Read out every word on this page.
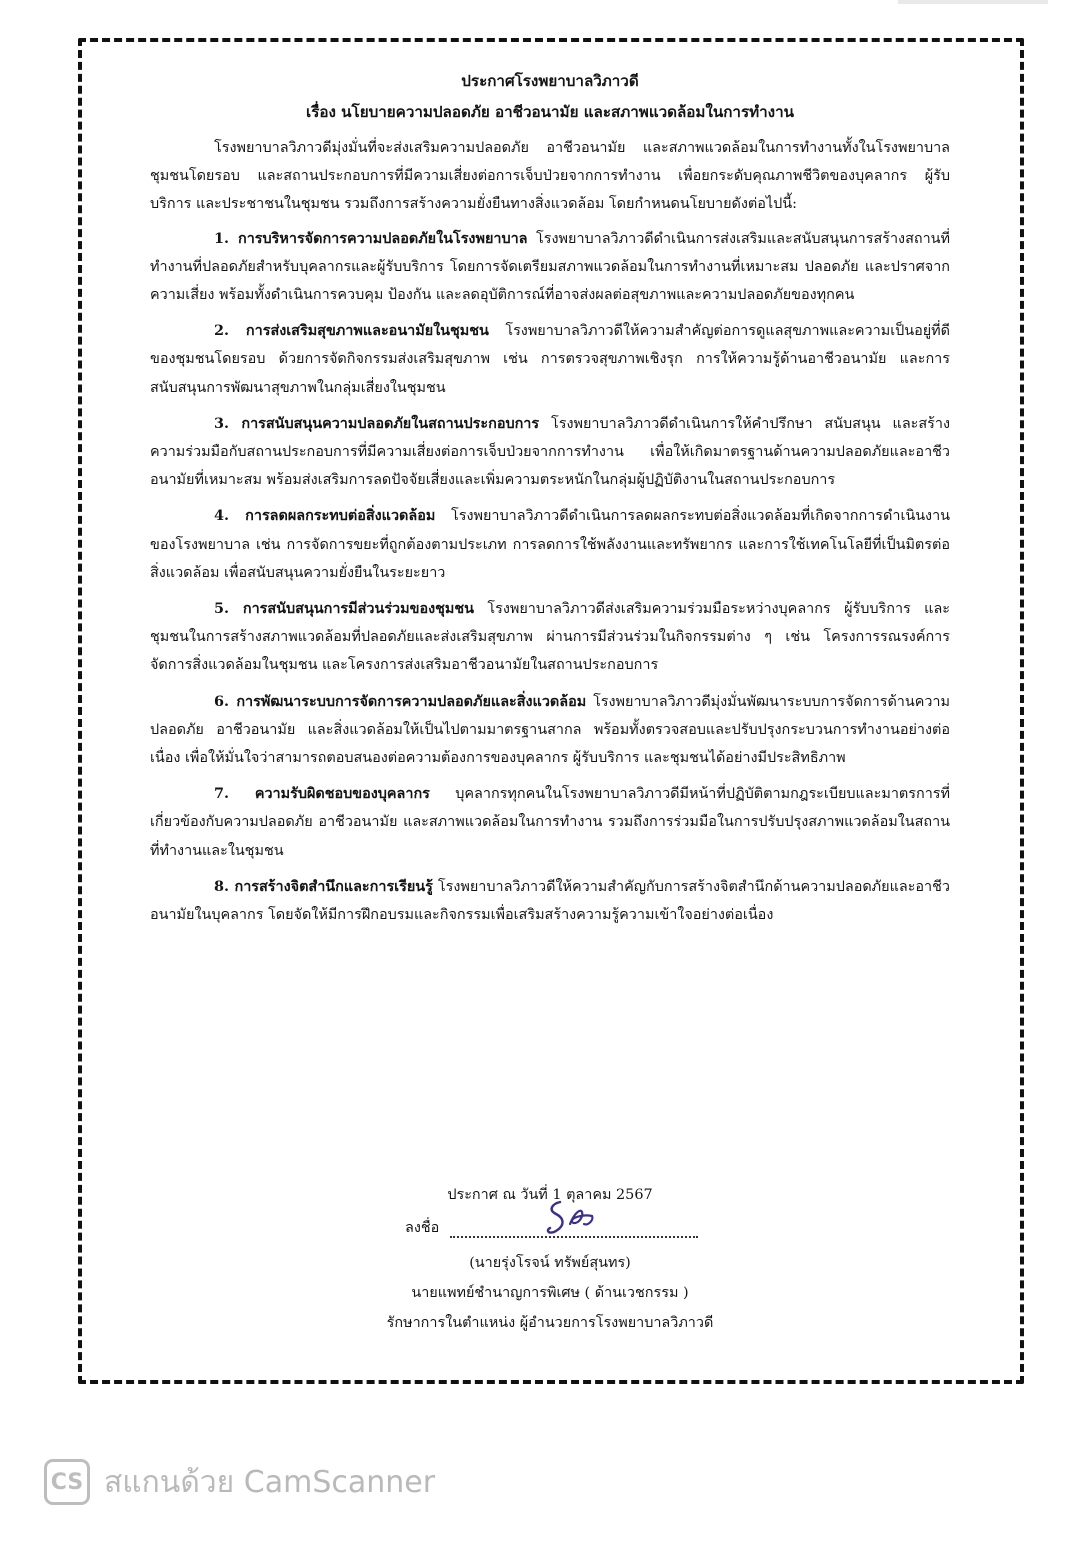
ประกาศโรงพยาบาลวิภาวดี

เรื่อง นโยบายความปลอดภัย อาชีวอนามัย และสภาพแวดล้อมในการทำงาน

โรงพยาบาลวิภาวดีมุ่งมั่นที่จะส่งเสริมความปลอดภัย อาชีวอนามัย และสภาพแวดล้อมในการทำงานทั้งในโรงพยาบาล ชุมชนโดยรอบ และสถานประกอบการที่มีความเสี่ยงต่อการเจ็บป่วยจากการทำงาน เพื่อยกระดับคุณภาพชีวิตของบุคลากร ผู้รับบริการ และประชาชนในชุมชน รวมถึงการสร้างความยั่งยืนทางสิ่งแวดล้อม โดยกำหนดนโยบายดังต่อไปนี้:

1. การบริหารจัดการความปลอดภัยในโรงพยาบาล โรงพยาบาลวิภาวดีดำเนินการส่งเสริมและสนับสนุนการสร้างสถานที่ทำงานที่ปลอดภัยสำหรับบุคลากรและผู้รับบริการ โดยการจัดเตรียมสภาพแวดล้อมในการทำงานที่เหมาะสม ปลอดภัย และปราศจากความเสี่ยง พร้อมทั้งดำเนินการควบคุม ป้องกัน และลดอุบัติการณ์ที่อาจส่งผลต่อสุขภาพและความปลอดภัยของทุกคน

2. การส่งเสริมสุขภาพและอนามัยในชุมชน โรงพยาบาลวิภาวดีให้ความสำคัญต่อการดูแลสุขภาพและความเป็นอยู่ที่ดีของชุมชนโดยรอบ ด้วยการจัดกิจกรรมส่งเสริมสุขภาพ เช่น การตรวจสุขภาพเชิงรุก การให้ความรู้ด้านอาชีวอนามัย และการสนับสนุนการพัฒนาสุขภาพในกลุ่มเสี่ยงในชุมชน

3. การสนับสนุนความปลอดภัยในสถานประกอบการ โรงพยาบาลวิภาวดีดำเนินการให้คำปรึกษา สนับสนุน และสร้างความร่วมมือกับสถานประกอบการที่มีความเสี่ยงต่อการเจ็บป่วยจากการทำงาน เพื่อให้เกิดมาตรฐานด้านความปลอดภัยและอาชีวอนามัยที่เหมาะสม พร้อมส่งเสริมการลดปัจจัยเสี่ยงและเพิ่มความตระหนักในกลุ่มผู้ปฏิบัติงานในสถานประกอบการ

4. การลดผลกระทบต่อสิ่งแวดล้อม โรงพยาบาลวิภาวดีดำเนินการลดผลกระทบต่อสิ่งแวดล้อมที่เกิดจากการดำเนินงานของโรงพยาบาล เช่น การจัดการขยะที่ถูกต้องตามประเภท การลดการใช้พลังงานและทรัพยากร และการใช้เทคโนโลยีที่เป็นมิตรต่อสิ่งแวดล้อม เพื่อสนับสนุนความยั่งยืนในระยะยาว

5. การสนับสนุนการมีส่วนร่วมของชุมชน โรงพยาบาลวิภาวดีส่งเสริมความร่วมมือระหว่างบุคลากร ผู้รับบริการ และชุมชนในการสร้างสภาพแวดล้อมที่ปลอดภัยและส่งเสริมสุขภาพ ผ่านการมีส่วนร่วมในกิจกรรมต่าง ๆ เช่น โครงการรณรงค์การจัดการสิ่งแวดล้อมในชุมชน และโครงการส่งเสริมอาชีวอนามัยในสถานประกอบการ

6. การพัฒนาระบบการจัดการความปลอดภัยและสิ่งแวดล้อม โรงพยาบาลวิภาวดีมุ่งมั่นพัฒนาระบบการจัดการด้านความปลอดภัย อาชีวอนามัย และสิ่งแวดล้อมให้เป็นไปตามมาตรฐานสากล พร้อมทั้งตรวจสอบและปรับปรุงกระบวนการทำงานอย่างต่อเนื่อง เพื่อให้มั่นใจว่าสามารถตอบสนองต่อความต้องการของบุคลากร ผู้รับบริการ และชุมชนได้อย่างมีประสิทธิภาพ

7. ความรับผิดชอบของบุคลากร บุคลากรทุกคนในโรงพยาบาลวิภาวดีมีหน้าที่ปฏิบัติตามกฎระเบียบและมาตรการที่เกี่ยวข้องกับความปลอดภัย อาชีวอนามัย และสภาพแวดล้อมในการทำงาน รวมถึงการร่วมมือในการปรับปรุงสภาพแวดล้อมในสถานที่ทำงานและในชุมชน

8. การสร้างจิตสำนึกและการเรียนรู้ โรงพยาบาลวิภาวดีให้ความสำคัญกับการสร้างจิตสำนึกด้านความปลอดภัยและอาชีวอนามัยในบุคลากร โดยจัดให้มีการฝึกอบรมและกิจกรรมเพื่อเสริมสร้างความรู้ความเข้าใจอย่างต่อเนื่อง

ประกาศ ณ วันที่ 1 ตุลาคม 2567

ลงชื่อ

(นายรุ่งโรจน์ ทรัพย์สุนทร)

นายแพทย์ชำนาญการพิเศษ ( ด้านเวชกรรม )

รักษาการในตำแหน่ง ผู้อำนวยการโรงพยาบาลวิภาวดี

CS สแกนด้วย CamScanner
